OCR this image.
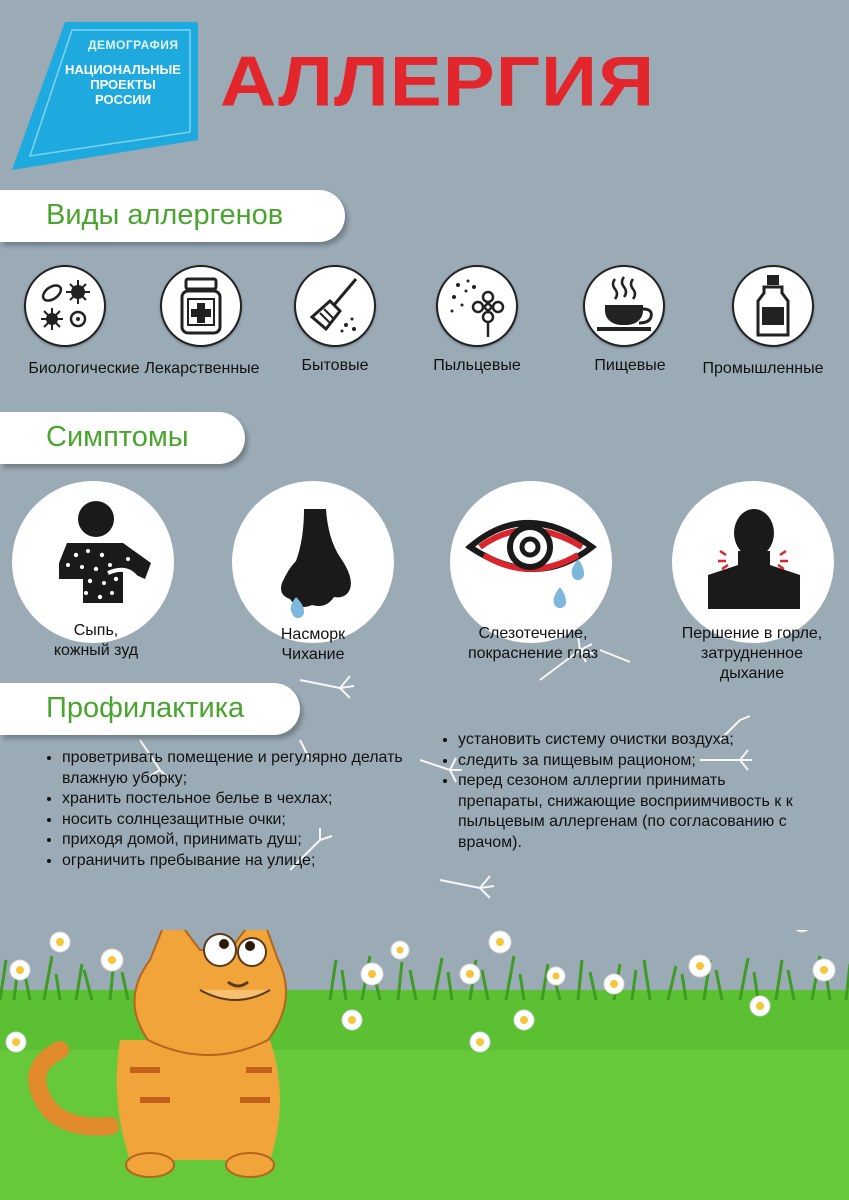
ДЕМОГРАФИЯ
НАЦИОНАЛЬНЫЕ
ПРОЕКТЫ
РОССИИ АЛЛЕРГИЯ
Виды аллергенов
Биологические Лекарственные	Бытовые	Пыльцевые	Пищевые Промышленные
Симптомы
Сыпь,
кожный зуд
Насморк
Чихание
Слезотечение,
покраснение глаз
Першение в горле,
затрудненное
дыхание
Профилактика
• проветривать помещение и регулярно делать влажную уборку;
• хранить постельное белье в чехлах;
• носить солнцезащитные очки;
• приходя домой, принимать душ;
• ограничить пребывание на улице;
• установить систему очистки воздуха;
• следить за пищевым рационом;
• перед сезоном аллергии принимать препараты, снижающие восприимчивость к к пыльцевым аллергенам (по согласованию с врачом).
